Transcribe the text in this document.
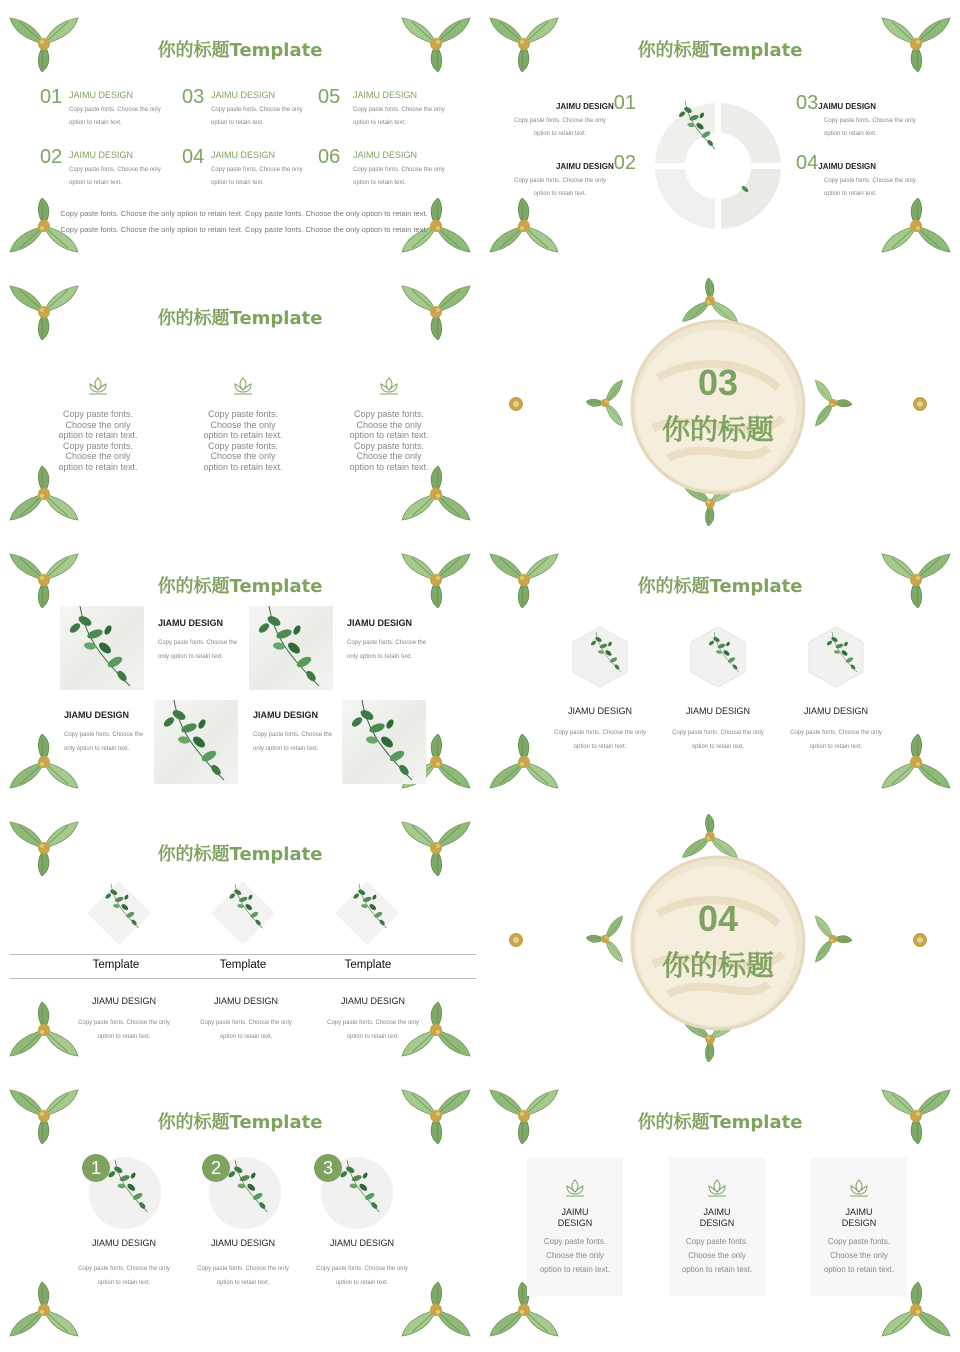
你的标题Template
01 JAIMU DESIGN
Copy paste fonts. Choose the only option to retain text.
03 JAIMU DESIGN
Copy paste fonts. Choose the only option to retain text.
05 JAIMU DESIGN
Copy paste fonts. Choose the only option to retain text.
02 JAIMU DESIGN
Copy paste fonts. Choose the only option to retain text.
04 JAIMU DESIGN
Copy paste fonts. Choose the only option to retain text.
06 JAIMU DESIGN
Copy paste fonts. Choose the only option to retain text.
Copy paste fonts. Choose the only option to retain text. Copy paste fonts. Choose the only option to retain text. Copy paste fonts. Choose the only option to retain text. Copy paste fonts. Choose the only option to retain text.
你的标题Template
JAIMU DESIGN01
Copy paste fonts. Choose the only option to retain text.
JAIMU DESIGN02
Copy paste fonts. Choose the only option to retain text.
03JAIMU DESIGN
Copy paste fonts. Choose the only option to retain text.
04JAIMU DESIGN
Copy paste fonts. Choose the only option to retain text.
你的标题Template
Copy paste fonts. Choose the only option to retain text. Copy paste fonts. Choose the only option to retain text.
Copy paste fonts. Choose the only option to retain text. Copy paste fonts. Choose the only option to retain text.
Copy paste fonts. Choose the only option to retain text. Copy paste fonts. Choose the only option to retain text.
03
你的标题
你的标题Template
JIAMU DESIGN
Copy paste fonts. Choose the only option to retain text.
JIAMU DESIGN
Copy paste fonts. Choose the only option to retain text.
JIAMU DESIGN
Copy paste fonts. Choose the only option to retain text.
JIAMU DESIGN
Copy paste fonts. Choose the only option to retain text.
你的标题Template
JIAMU DESIGN
Copy paste fonts. Choose the only option to retain text.
JIAMU DESIGN
Copy paste fonts. Choose the only option to retain text.
JIAMU DESIGN
Copy paste fonts. Choose the only option to retain text.
你的标题Template
Template	Template	Template
JIAMU DESIGN
Copy paste fonts. Choose the only option to retain text.
JIAMU DESIGN
Copy paste fonts. Choose the only option to retain text.
JIAMU DESIGN
Copy paste fonts. Choose the only option to retain text.
04
你的标题
你的标题Template
1	2	3
JIAMU DESIGN
Copy paste fonts. Choose the only option to retain text.
JIAMU DESIGN
Copy paste fonts. Choose the only option to retain text.
JIAMU DESIGN
Copy paste fonts. Choose the only option to retain text.
你的标题Template
JAIMU DESIGN
Copy paste fonts. Choose the only option to retain text.
JAIMU DESIGN
Copy paste fonts. Choose the only option to retain text.
JAIMU DESIGN
Copy paste fonts. Choose the only option to retain text.
